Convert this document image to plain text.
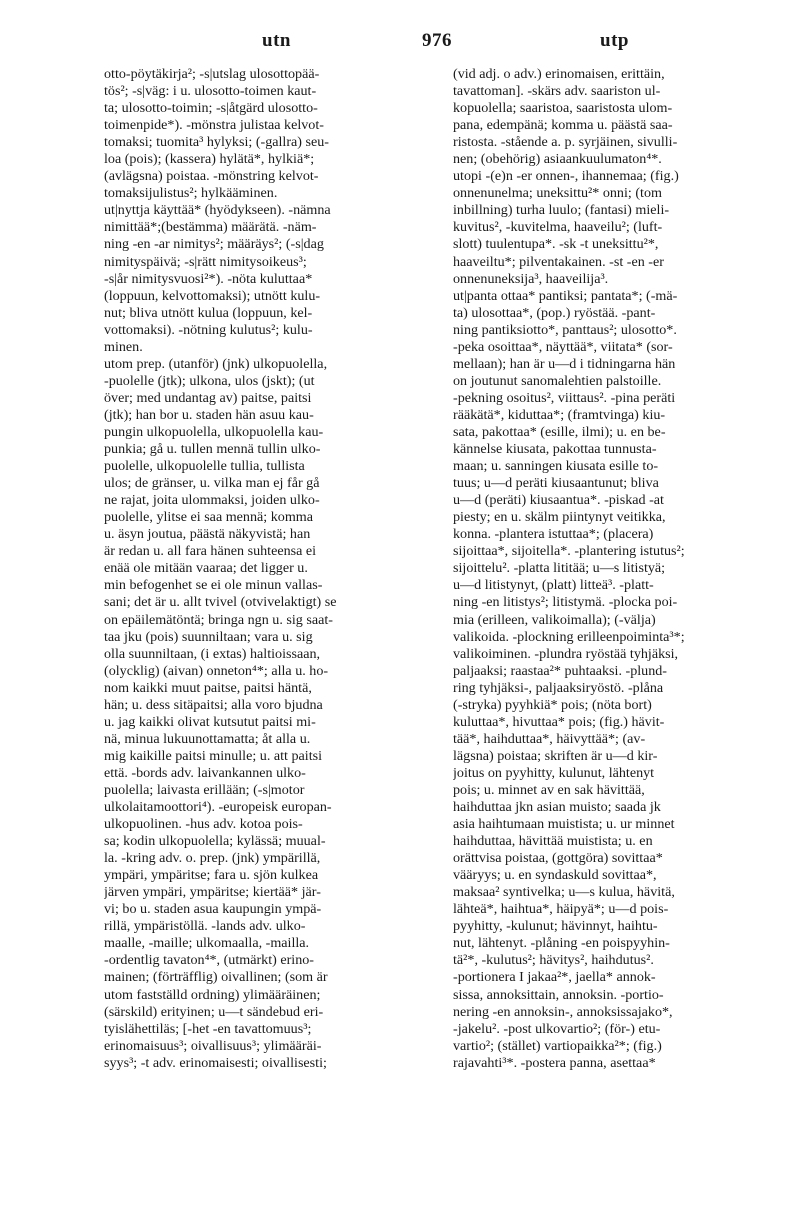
utn	976	utp
otto-pöytäkirja²; -s|utslag ulosottopää-
tös²; -s|väg: i u. ulosotto-toimen kaut-
ta; ulosotto-toimin; -s|åtgärd ulosotto-
toimenpide*). -mönstra julistaa kelvot-
tomaksi; tuomita³ hylyksi; (-gallra) seu-
loa (pois); (kassera) hylätä*, hylkiä*;
(avlägsna) poistaa. -mönstring kelvot-
tomaksijulistus²; hylkääminen.
ut|nyttja käyttää* (hyödykseen). -nämna
nimittää*;(bestämma) määrätä. -näm-
ning -en -ar nimitys²; määräys²; (-s|dag
nimityspäivä; -s|rätt nimitysoikeus³;
-s|år nimitysvuosi²*). -nöta kuluttaa*
(loppuun, kelvottomaksi); utnött kulu-
nut; bliva utnött kulua (loppuun, kel-
vottomaksi). -nötning kulutus²; kulu-
minen.
utom prep. (utanför) (jnk) ulkopuolella,
-puolelle (jtk); ulkona, ulos (jskt); (ut
över; med undantag av) paitse, paitsi
(jtk); han bor u. staden hän asuu kau-
pungin ulkopuolella, ulkopuolella kau-
punkia; gå u. tullen mennä tullin ulko-
puolelle, ulkopuolelle tullia, tullista
ulos; de gränser, u. vilka man ej får gå
ne rajat, joita ulommaksi, joiden ulko-
puolelle, ylitse ei saa mennä; komma
u. äsyn joutua, päästä näkyvistä; han
är redan u. all fara hänen suhteensa ei
enää ole mitään vaaraa; det ligger u.
min befogenhet se ei ole minun vallas-
sani; det är u. allt tvivel (otvivelaktigt) se
on epäilemätöntä; bringa ngn u. sig saat-
taa jku (pois) suunniltaan; vara u. sig
olla suunniltaan, (i extas) haltioissaan,
(olycklig) (aivan) onneton⁴*; alla u. ho-
nom kaikki muut paitse, paitsi häntä,
hän; u. dess sitäpaitsi; alla voro bjudna
u. jag kaikki olivat kutsutut paitsi mi-
nä, minua lukuunottamatta; åt alla u.
mig kaikille paitsi minulle; u. att paitsi
että. -bords adv. laivankannen ulko-
puolella; laivasta erillään; (-s|motor
ulkolaitamoottori⁴). -europeisk europan-
ulkopuolinen. -hus adv. kotoa pois-
sa; kodin ulkopuolella; kylässä; muual-
la. -kring adv. o. prep. (jnk) ympärillä,
ympäri, ympäritse; fara u. sjön kulkea
järven ympäri, ympäritse; kiertää* jär-
vi; bo u. staden asua kaupungin ympä-
rillä, ympäristöllä. -lands adv. ulko-
maalle, -maille; ulkomaalla, -mailla.
-ordentlig tavaton⁴*, (utmärkt) erino-
mainen; (förträfflig) oivallinen; (som är
utom fastställd ordning) ylimääräinen;
(särskild) erityinen; u—t sändebud eri-
tyislähettiläs; [-het -en tavattomuus³;
erinomaisuus³; oivallisuus³; ylimääräi-
syys³; -t adv. erinomaisesti; oivallisesti;
(vid adj. o adv.) erinomaisen, erittäin,
tavattoman]. -skärs adv. saariston ul-
kopuolella; saaristoa, saaristosta ulom-
pana, edempänä; komma u. päästä saa-
ristosta. -stående a. p. syrjäinen, sivulli-
nen; (obehörig) asiaankuulumaton⁴*.
utopi -(e)n -er onnen-, ihannemaa; (fig.)
onnenunelma; uneksittu²* onni; (tom
inbillning) turha luulo; (fantasi) mieli-
kuvitus², -kuvitelma, haaveilu²; (luft-
slott) tuulentupa*. -sk -t uneksittu²*,
haaveiltu*; pilventakainen. -st -en -er
onnenuneksija³, haaveilija³.
ut|panta ottaa* pantiksi; pantata*; (-mä-
ta) ulosottaa*, (pop.) ryöstää. -pant-
ning pantiksiotto*, panttaus²; ulosotto*.
-peka osoittaa*, näyttää*, viitata* (sor-
mellaan); han är u—d i tidningarna hän
on joutunut sanomalehtien palstoille.
-pekning osoitus², viittaus². -pina peräti
rääkätä*, kiduttaa*; (framtvinga) kiu-
sata, pakottaa* (esille, ilmi); u. en be-
kännelse kiusata, pakottaa tunnusta-
maan; u. sanningen kiusata esille to-
tuus; u—d peräti kiusaantunut; bliva
u—d (peräti) kiusaantua*. -piskad -at
piesty; en u. skälm piintynyt veitikka,
konna. -plantera istuttaa*; (placera)
sijoittaa*, sijoitella*. -plantering istutus²;
sijoittelu². -platta lititää; u—s litistyä;
u—d litistynyt, (platt) litteä³. -platt-
ning -en litistys²; litistymä. -plocka poi-
mia (erilleen, valikoimalla); (-välja)
valikoida. -plockning erilleenpoiminta³*;
valikoiminen. -plundra ryöstää tyhjäksi,
paljaaksi; raastaa²* puhtaaksi. -plund-
ring tyhjäksi-, paljaaksiryöstö. -plåna
(-stryka) pyyhkiä* pois; (nöta bort)
kuluttaa*, hivuttaa* pois; (fig.) hävit-
tää*, haihduttaa*, häivyttää*; (av-
lägsna) poistaa; skriften är u—d kir-
joitus on pyyhitty, kulunut, lähtenyt
pois; u. minnet av en sak hävittää,
haihduttaa jkn asian muisto; saada jk
asia haihtumaan muistista; u. ur minnet
haihduttaa, hävittää muistista; u. en
orättvisa poistaa, (gottgöra) sovittaa*
vääryys; u. en syndaskuld sovittaa*,
maksaa² syntivelka; u—s kulua, hävitä,
lähteä*, haihtua*, häipyä*; u—d pois-
pyyhitty, -kulunut; hävinnyt, haihtu-
nut, lähtenyt. -plåning -en poispyyhin-
tä²*, -kulutus²; hävitys², haihdutus².
-portionera I jakaa²*, jaella* annok-
sissa, annoksittain, annoksin. -portio-
nering -en annoksin-, annoksissajako*,
-jakelu². -post ulkovartio²; (för-) etu-
vartio²; (stället) vartiopaikka²*; (fig.)
rajavahti³*. -postera panna, asettaa*
